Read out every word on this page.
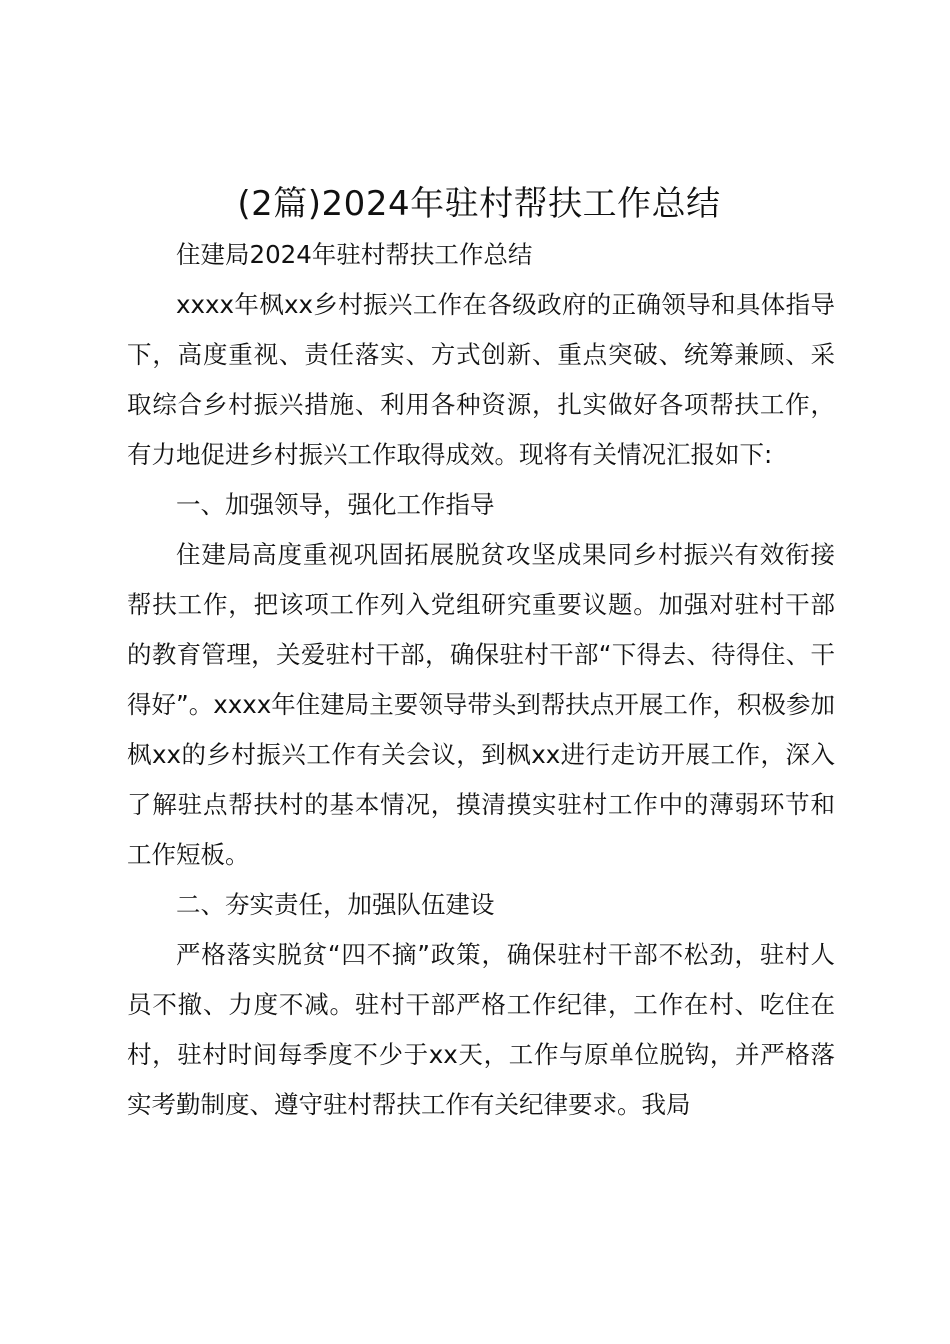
(2篇)2024年驻村帮扶工作总结

住建局2024年驻村帮扶工作总结

xxxx年枫xx乡村振兴工作在各级政府的正确领导和具体指导下，高度重视、责任落实、方式创新、重点突破、统筹兼顾、采取综合乡村振兴措施、利用各种资源，扎实做好各项帮扶工作，有力地促进乡村振兴工作取得成效。现将有关情况汇报如下:

一、加强领导，强化工作指导

住建局高度重视巩固拓展脱贫攻坚成果同乡村振兴有效衔接帮扶工作，把该项工作列入党组研究重要议题。加强对驻村干部的教育管理，关爱驻村干部，确保驻村干部“下得去、待得住、干得好”。xxxx年住建局主要领导带头到帮扶点开展工作，积极参加枫xx的乡村振兴工作有关会议，到枫xx进行走访开展工作，深入了解驻点帮扶村的基本情况，摸清摸实驻村工作中的薄弱环节和工作短板。

二、夯实责任，加强队伍建设

严格落实脱贫“四不摘”政策，确保驻村干部不松劲，驻村人员不撤、力度不减。驻村干部严格工作纪律，工作在村、吃住在村，驻村时间每季度不少于xx天，工作与原单位脱钩，并严格落实考勤制度、遵守驻村帮扶工作有关纪律要求。我局
